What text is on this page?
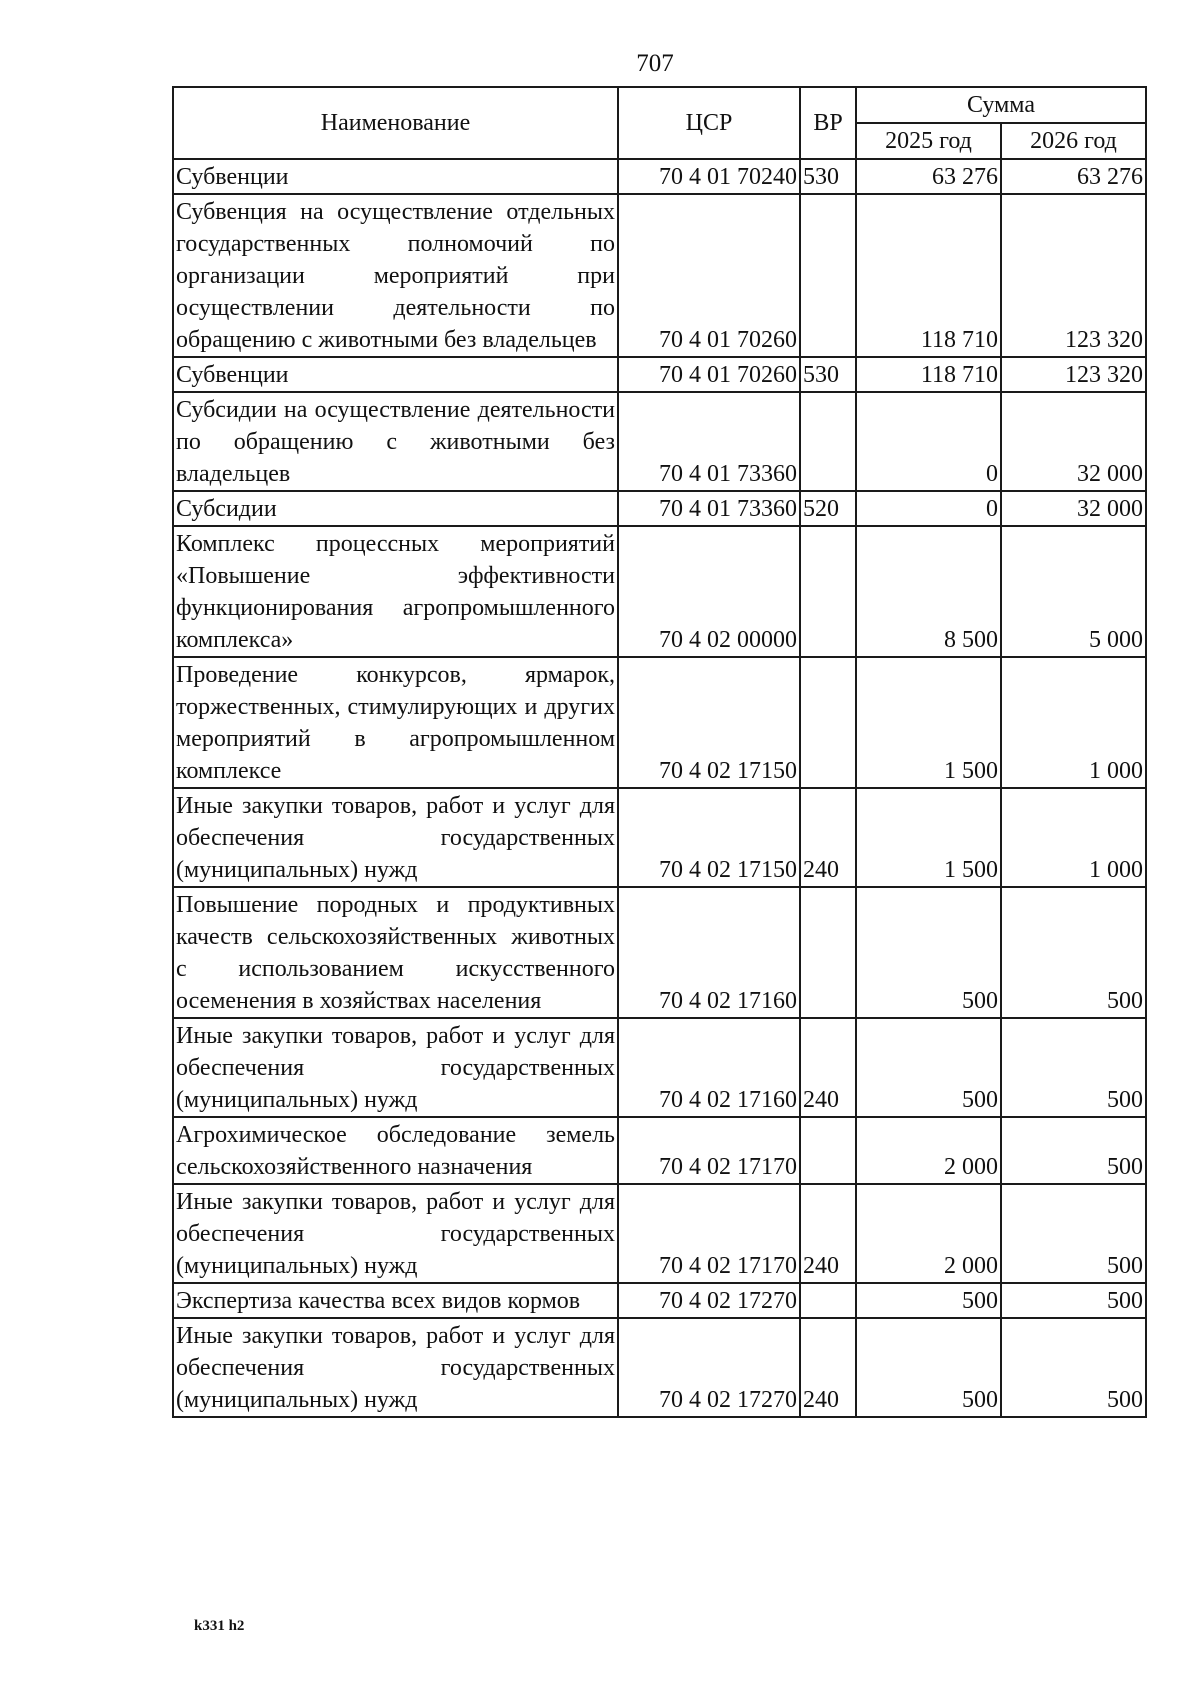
707
Наименование	ЦСР	ВР	Сумма	
			2025 год	2026 год
Субвенции	70 4 01 70240	530	63 276	63 276
Субвенция на осуществление отдельных государственных полномочий по организации мероприятий при осуществлении деятельности по обращению с животными без владельцев	70 4 01 70260		118 710	123 320
Субвенции	70 4 01 70260	530	118 710	123 320
Субсидии на осуществление деятельности по обращению с животными без владельцев	70 4 01 73360		0	32 000
Субсидии	70 4 01 73360	520	0	32 000
Комплекс процессных мероприятий «Повышение эффективности функционирования агропромышленного комплекса»	70 4 02 00000		8 500	5 000
Проведение конкурсов, ярмарок, торжественных, стимулирующих и других мероприятий в агропромышленном комплексе	70 4 02 17150		1 500	1 000
Иные закупки товаров, работ и услуг для обеспечения государственных (муниципальных) нужд	70 4 02 17150	240	1 500	1 000
Повышение породных и продуктивных качеств сельскохозяйственных животных с использованием искусственного осеменения в хозяйствах населения	70 4 02 17160		500	500
Иные закупки товаров, работ и услуг для обеспечения государственных (муниципальных) нужд	70 4 02 17160	240	500	500
Агрохимическое обследование земель сельскохозяйственного назначения	70 4 02 17170		2 000	500
Иные закупки товаров, работ и услуг для обеспечения государственных (муниципальных) нужд	70 4 02 17170	240	2 000	500
Экспертиза качества всех видов кормов	70 4 02 17270		500	500
Иные закупки товаров, работ и услуг для обеспечения государственных (муниципальных) нужд	70 4 02 17270	240	500	500
k331 h2
